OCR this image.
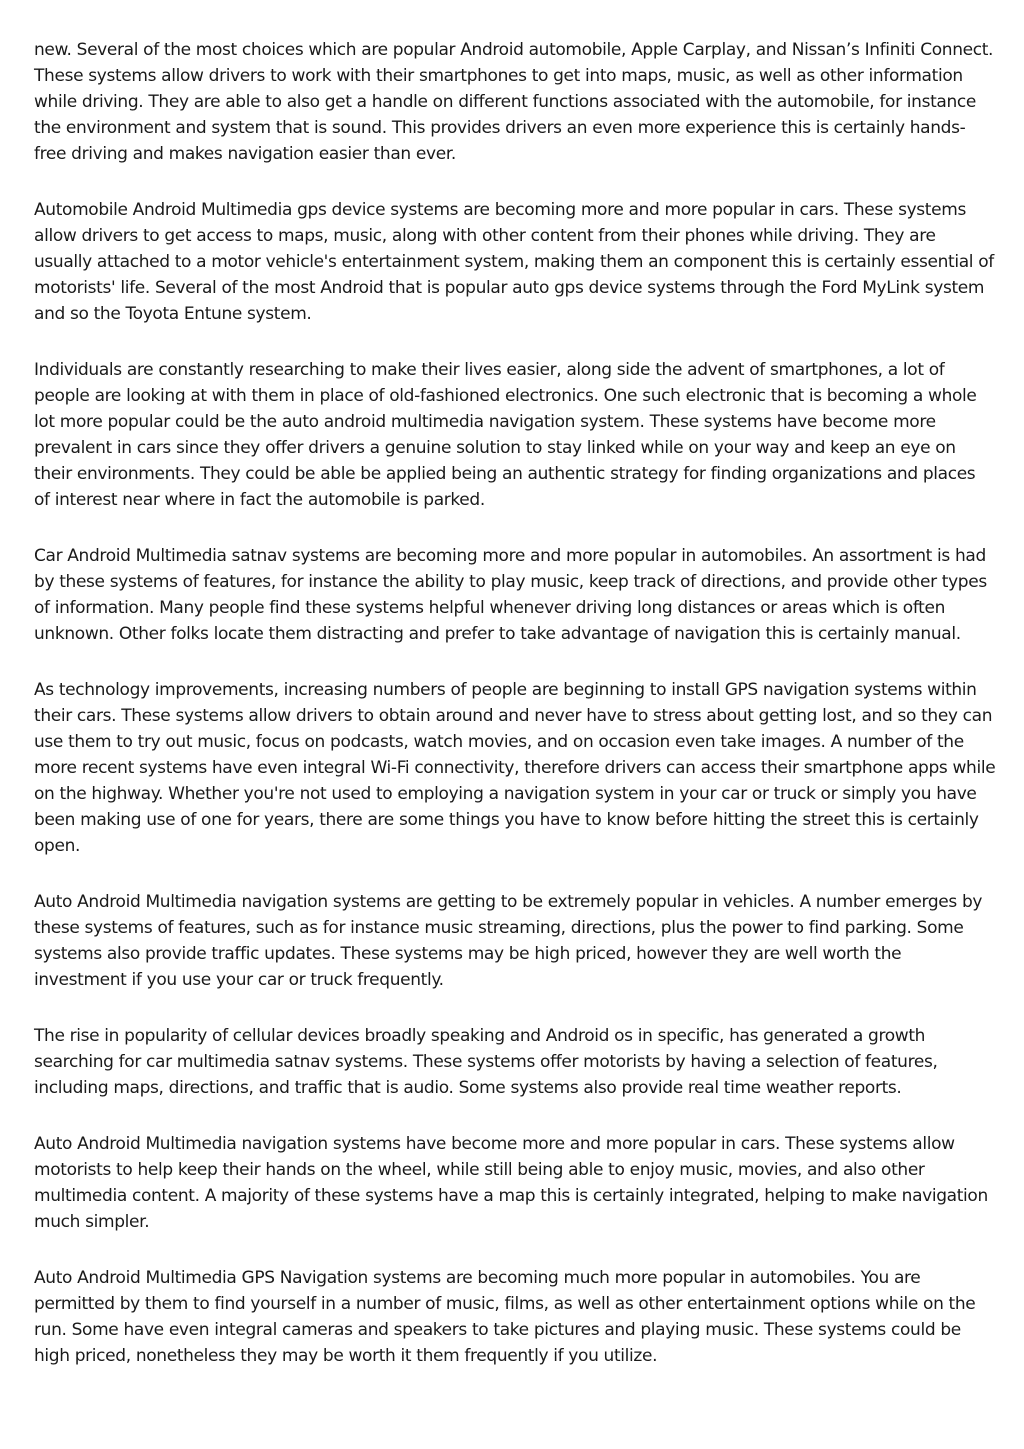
new. Several of the most choices which are popular Android automobile, Apple Carplay, and Nissan’s Infiniti Connect. These systems allow drivers to work with their smartphones to get into maps, music, as well as other information while driving. They are able to also get a handle on different functions associated with the automobile, for instance the environment and system that is sound. This provides drivers an even more experience this is certainly hands-free driving and makes navigation easier than ever.

Automobile Android Multimedia gps device systems are becoming more and more popular in cars. These systems allow drivers to get access to maps, music, along with other content from their phones while driving. They are usually attached to a motor vehicle's entertainment system, making them an component this is certainly essential of motorists' life. Several of the most Android that is popular auto gps device systems through the Ford MyLink system and so the Toyota Entune system.

Individuals are constantly researching to make their lives easier, along side the advent of smartphones, a lot of people are looking at with them in place of old-fashioned electronics. One such electronic that is becoming a whole lot more popular could be the auto android multimedia navigation system. These systems have become more prevalent in cars since they offer drivers a genuine solution to stay linked while on your way and keep an eye on their environments. They could be able be applied being an authentic strategy for finding organizations and places of interest near where in fact the automobile is parked.

Car Android Multimedia satnav systems are becoming more and more popular in automobiles. An assortment is had by these systems of features, for instance the ability to play music, keep track of directions, and provide other types of information. Many people find these systems helpful whenever driving long distances or areas which is often unknown. Other folks locate them distracting and prefer to take advantage of navigation this is certainly manual.

As technology improvements, increasing numbers of people are beginning to install GPS navigation systems within their cars. These systems allow drivers to obtain around and never have to stress about getting lost, and so they can use them to try out music, focus on podcasts, watch movies, and on occasion even take images. A number of the more recent systems have even integral Wi-Fi connectivity, therefore drivers can access their smartphone apps while on the highway. Whether you're not used to employing a navigation system in your car or truck or simply you have been making use of one for years, there are some things you have to know before hitting the street this is certainly open.

Auto Android Multimedia navigation systems are getting to be extremely popular in vehicles. A number emerges by these systems of features, such as for instance music streaming, directions, plus the power to find parking. Some systems also provide traffic updates. These systems may be high priced, however they are well worth the investment if you use your car or truck frequently.

The rise in popularity of cellular devices broadly speaking and Android os in specific, has generated a growth searching for car multimedia satnav systems. These systems offer motorists by having a selection of features, including maps, directions, and traffic that is audio. Some systems also provide real time weather reports.

Auto Android Multimedia navigation systems have become more and more popular in cars. These systems allow motorists to help keep their hands on the wheel, while still being able to enjoy music, movies, and also other multimedia content. A majority of these systems have a map this is certainly integrated, helping to make navigation much simpler.

Auto Android Multimedia GPS Navigation systems are becoming much more popular in automobiles. You are permitted by them to find yourself in a number of music, films, as well as other entertainment options while on the run. Some have even integral cameras and speakers to take pictures and playing music. These systems could be high priced, nonetheless they may be worth it them frequently if you utilize.
